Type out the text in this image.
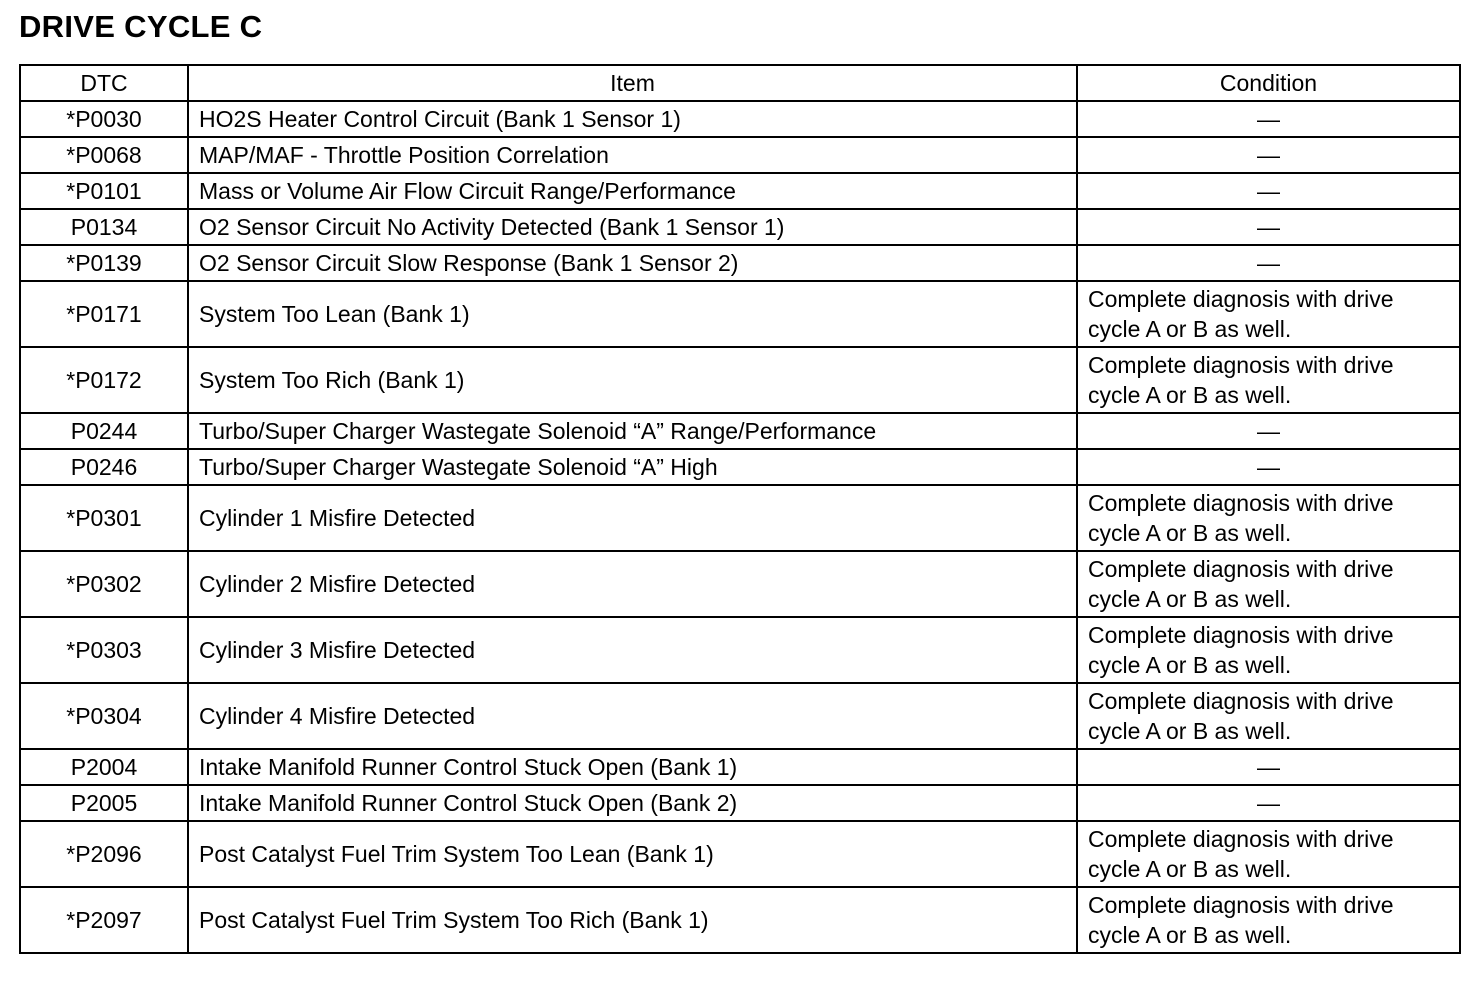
DRIVE CYCLE C
DTC	Item	Condition
*P0030	HO2S Heater Control Circuit (Bank 1 Sensor 1)	—
*P0068	MAP/MAF - Throttle Position Correlation	—
*P0101	Mass or Volume Air Flow Circuit Range/Performance	—
P0134	O2 Sensor Circuit No Activity Detected (Bank 1 Sensor 1)	—
*P0139	O2 Sensor Circuit Slow Response (Bank 1 Sensor 2)	—
*P0171	System Too Lean (Bank 1)	Complete diagnosis with drive cycle A or B as well.
*P0172	System Too Rich (Bank 1)	Complete diagnosis with drive cycle A or B as well.
P0244	Turbo/Super Charger Wastegate Solenoid “A” Range/Performance	—
P0246	Turbo/Super Charger Wastegate Solenoid “A” High	—
*P0301	Cylinder 1 Misfire Detected	Complete diagnosis with drive cycle A or B as well.
*P0302	Cylinder 2 Misfire Detected	Complete diagnosis with drive cycle A or B as well.
*P0303	Cylinder 3 Misfire Detected	Complete diagnosis with drive cycle A or B as well.
*P0304	Cylinder 4 Misfire Detected	Complete diagnosis with drive cycle A or B as well.
P2004	Intake Manifold Runner Control Stuck Open (Bank 1)	—
P2005	Intake Manifold Runner Control Stuck Open (Bank 2)	—
*P2096	Post Catalyst Fuel Trim System Too Lean (Bank 1)	Complete diagnosis with drive cycle A or B as well.
*P2097	Post Catalyst Fuel Trim System Too Rich (Bank 1)	Complete diagnosis with drive cycle A or B as well.
